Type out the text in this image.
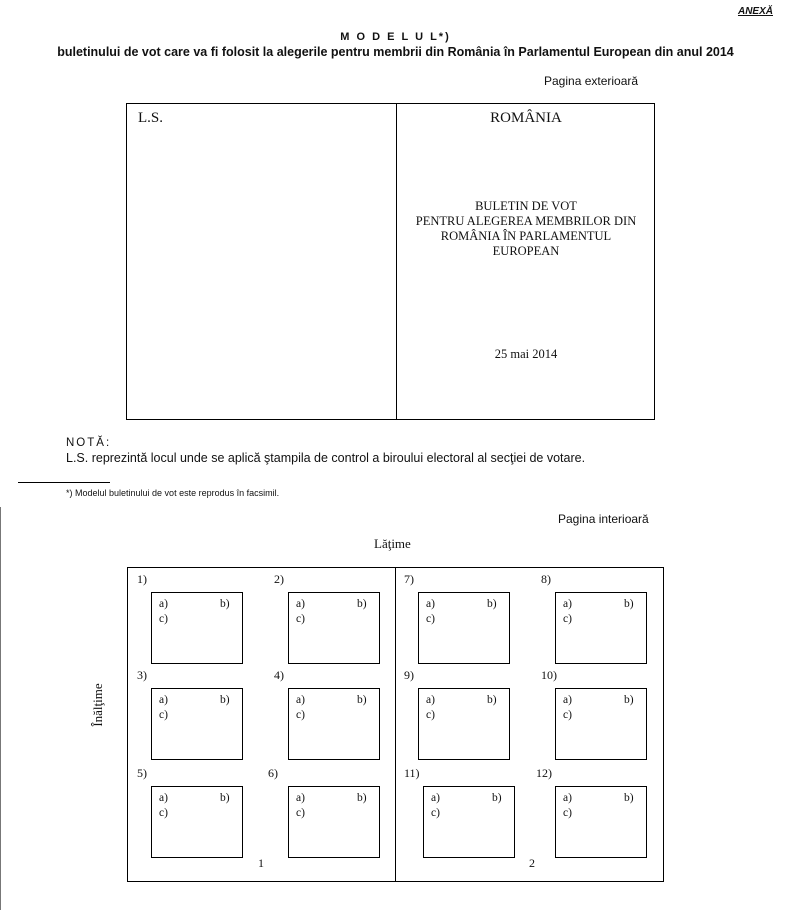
ANEXĂ
M O D E L U L*)
buletinului de vot care va fi folosit la alegerile pentru membrii din România în Parlamentul European din anul 2014
Pagina exterioară
L.S.	ROMÂNIA
BULETIN DE VOT
PENTRU ALEGEREA MEMBRILOR DIN
ROMÂNIA ÎN PARLAMENTUL
EUROPEAN
25 mai 2014
NOTĂ:
L.S. reprezintă locul unde se aplică ştampila de control a biroului electoral al secţiei de votare.
*) Modelul buletinului de vot este reprodus în facsimil.
Pagina interioară
Lăţime
Înălţime
1)
a)	b)
c)
2)
a)	b)
c)
3)
a)	b)
c)
4)
a)	b)
c)
5)
a)	b)
c)
6)
a)	b)
c)
7)
a)	b)
c)
8)
a)	b)
c)
9)
a)	b)
c)
10)
a)	b)
c)
11)
a)	b)
c)
12)
a)	b)
c)
1	2
